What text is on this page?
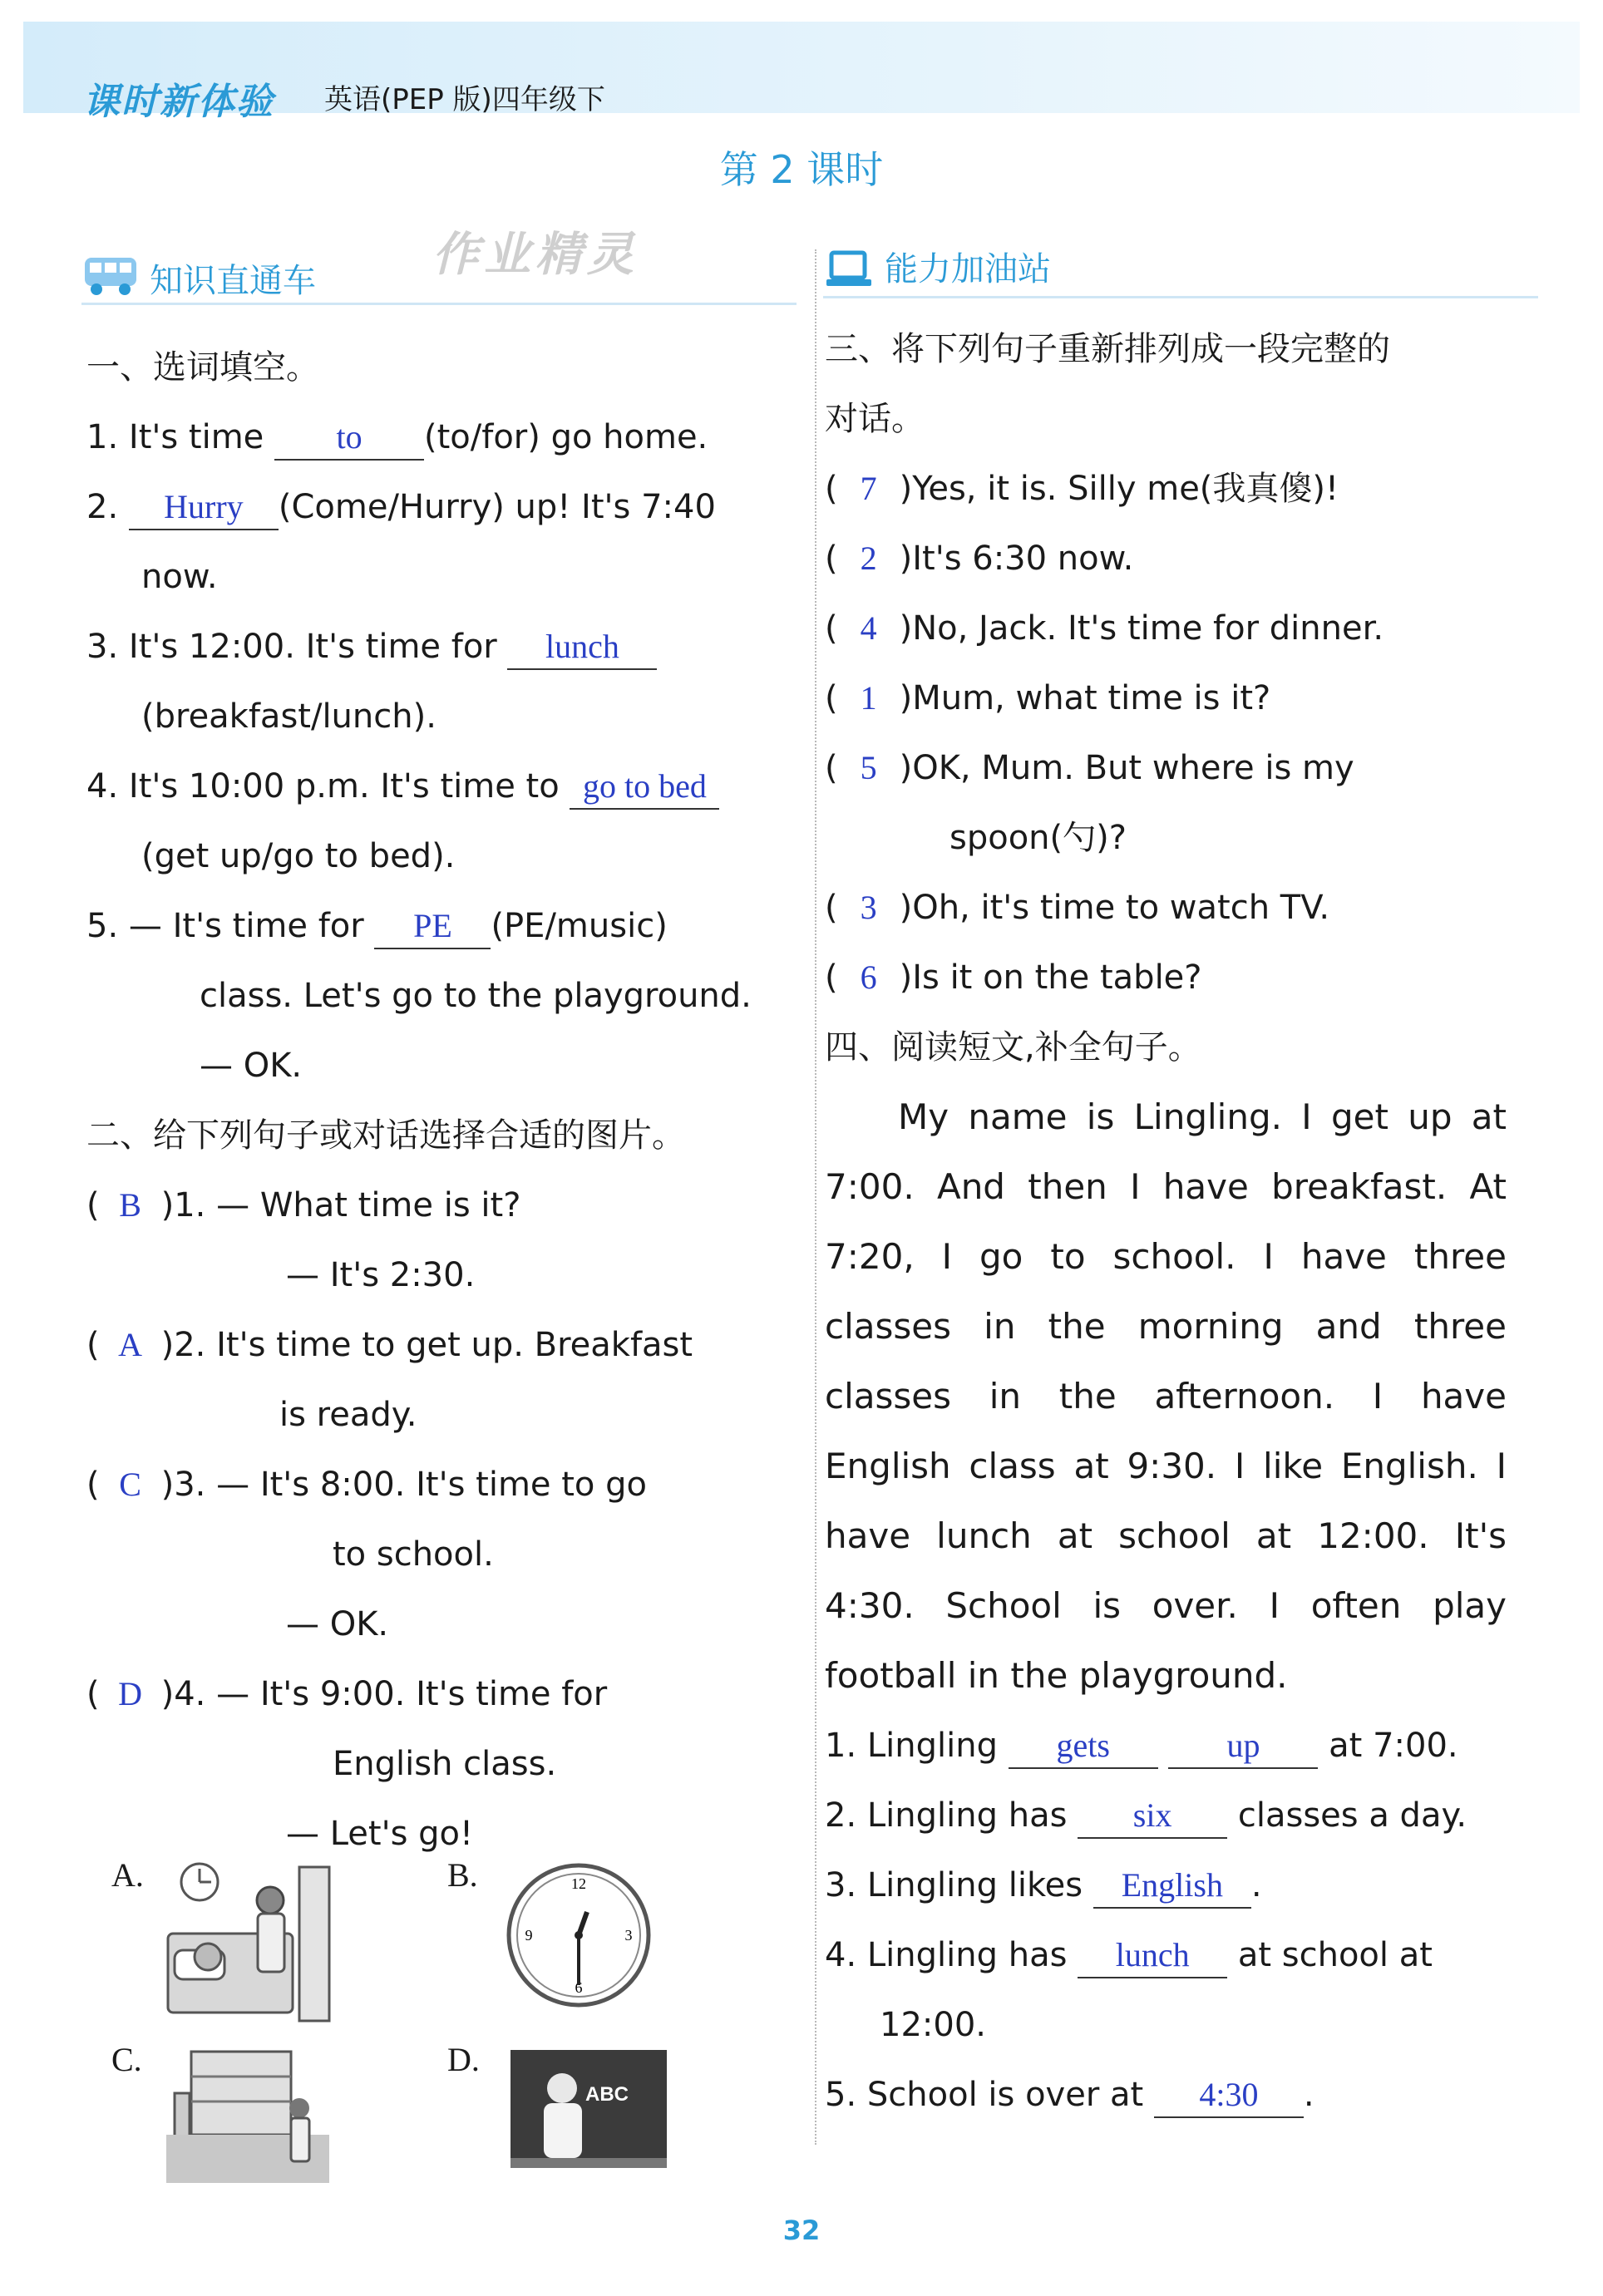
课时新体验 英语(PEP 版)四年级下
第 2 课时
知识直通车	作业精灵	能力加油站
一、选词填空。
1. It's time to (to/for) go home.
2. Hurry (Come/Hurry) up! It's 7:40
now.
3. It's 12:00. It's time for lunch
(breakfast/lunch).
4. It's 10:00 p.m. It's time to go to bed
(get up/go to bed).
5. — It's time for PE (PE/music)
class. Let's go to the playground.
— OK.
二、给下列句子或对话选择合适的图片。
( B )1. — What time is it?
— It's 2:30.
( A )2. It's time to get up. Breakfast
is ready.
( C )3. — It's 8:00. It's time to go
to school.
— OK.
( D )4. — It's 9:00. It's time for
English class.
— Let's go!
A.	B.	12
3
6
9
C.	D.
ABC
三、将下列句子重新排列成一段完整的
对话。
( 7 )Yes, it is. Silly me(我真傻)!
( 2 )It's 6:30 now.
( 4 )No, Jack. It's time for dinner.
( 1 )Mum, what time is it?
( 5 )OK, Mum. But where is my
spoon(勺)?
( 3 )Oh, it's time to watch TV.
( 6 )Is it on the table?
四、阅读短文,补全句子。
My name is Lingling. I get up at 7:00. And then I have breakfast. At 7:20, I go to school. I have three classes in the morning and three classes in the afternoon. I have English class at 9:30. I like English. I have lunch at school at 12:00. It's 4:30. School is over. I often play football in the playground.
1. Lingling gets	up at 7:00.
2. Lingling has six classes a day.
3. Lingling likes English .
4. Lingling has lunch at school at
12:00.
5. School is over at 4:30 .
32
